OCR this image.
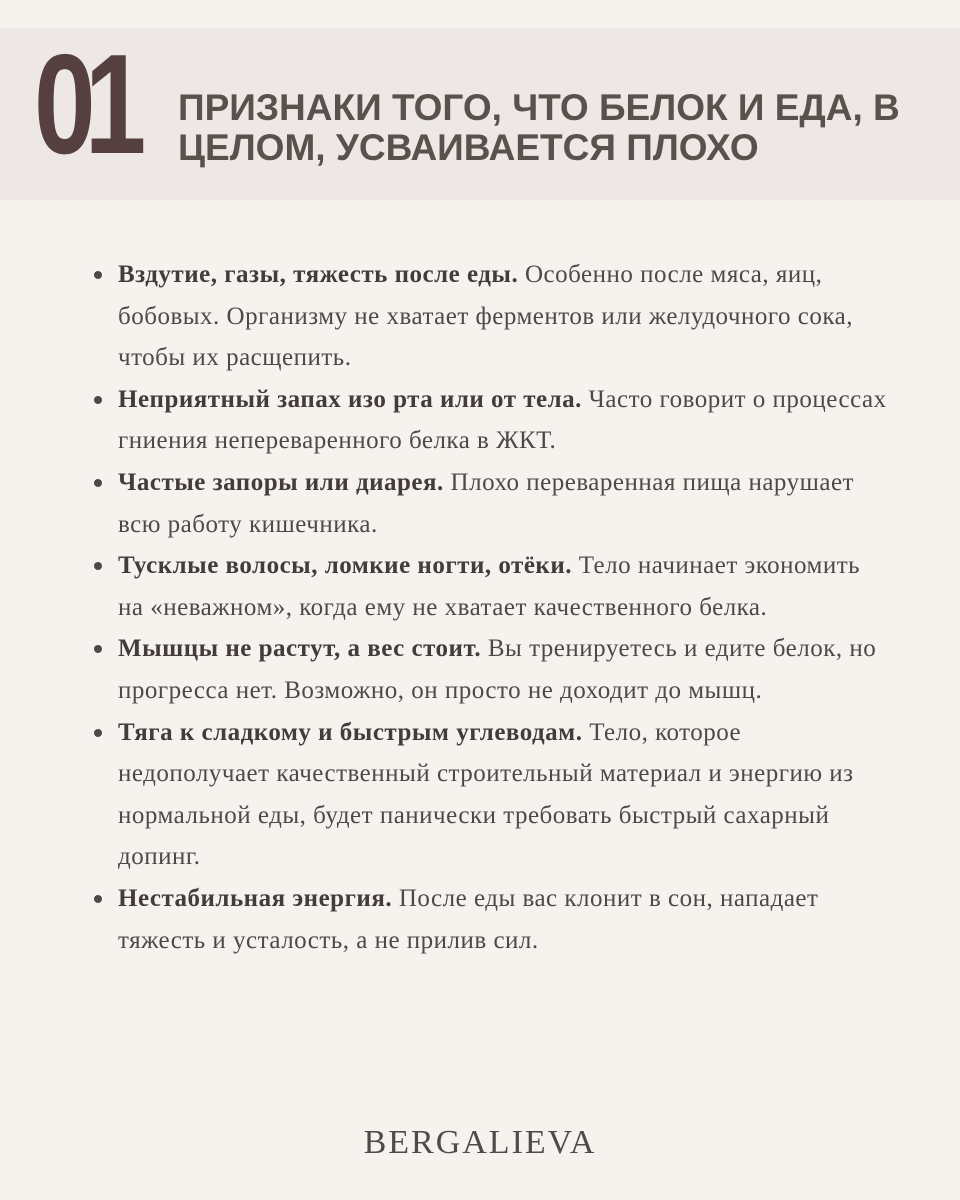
01 ПРИЗНАКИ ТОГО, ЧТО БЕЛОК И ЕДА, В ЦЕЛОМ, УСВАИВАЕТСЯ ПЛОХО
Вздутие, газы, тяжесть после еды. Особенно после мяса, яиц, бобовых. Организму не хватает ферментов или желудочного сока, чтобы их расщепить.
Неприятный запах изо рта или от тела. Часто говорит о процессах гниения непереваренного белка в ЖКТ.
Частые запоры или диарея. Плохо переваренная пища нарушает всю работу кишечника.
Тусклые волосы, ломкие ногти, отёки. Тело начинает экономить на «неважном», когда ему не хватает качественного белка.
Мышцы не растут, а вес стоит. Вы тренируетесь и едите белок, но прогресса нет. Возможно, он просто не доходит до мышц.
Тяга к сладкому и быстрым углеводам. Тело, которое недополучает качественный строительный материал и энергию из нормальной еды, будет панически требовать быстрый сахарный допинг.
Нестабильная энергия. После еды вас клонит в сон, нападает тяжесть и усталость, а не прилив сил.
BERGALIEVA
